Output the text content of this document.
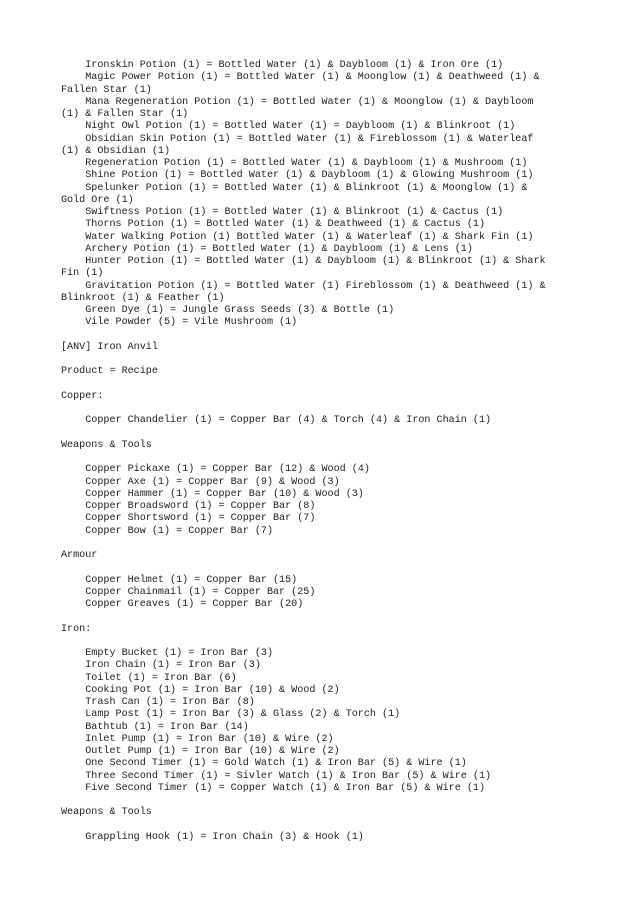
Ironskin Potion (1) = Bottled Water (1) & Daybloom (1) & Iron Ore (1)
Magic Power Potion (1) = Bottled Water (1) & Moonglow (1) & Deathweed (1) &
Fallen Star (1)
Mana Regeneration Potion (1) = Bottled Water (1) & Moonglow (1) & Daybloom
(1) & Fallen Star (1)
Night Owl Potion (1) = Bottled Water (1) = Daybloom (1) & Blinkroot (1)
Obsidian Skin Potion (1) = Bottled Water (1) & Fireblossom (1) & Waterleaf
(1) & Obsidian (1)
Regeneration Potion (1) = Bottled Water (1) & Daybloom (1) & Mushroom (1)
Shine Potion (1) = Bottled Water (1) & Daybloom (1) & Glowing Mushroom (1)
Spelunker Potion (1) = Bottled Water (1) & Blinkroot (1) & Moonglow (1) &
Gold Ore (1)
Swiftness Potion (1) = Bottled Water (1) & Blinkroot (1) & Cactus (1)
Thorns Potion (1) = Bottled Water (1) & Deathweed (1) & Cactus (1)
Water Walking Potion (1) Bottled Water (1) & Waterleaf (1) & Shark Fin (1)
Archery Potion (1) = Bottled Water (1) & Daybloom (1) & Lens (1)
Hunter Potion (1) = Bottled Water (1) & Daybloom (1) & Blinkroot (1) & Shark
Fin (1)
Gravitation Potion (1) = Bottled Water (1) Fireblossom (1) & Deathweed (1) &
Blinkroot (1) & Feather (1)
Green Dye (1) = Jungle Grass Seeds (3) & Bottle (1)
Vile Powder (5) = Vile Mushroom (1)
[ANV] Iron Anvil
Product = Recipe
Copper:
Copper Chandelier (1) = Copper Bar (4) & Torch (4) & Iron Chain (1)
Weapons & Tools
Copper Pickaxe (1) = Copper Bar (12) & Wood (4)
Copper Axe (1) = Copper Bar (9) & Wood (3)
Copper Hammer (1) = Copper Bar (10) & Wood (3)
Copper Broadsword (1) = Copper Bar (8)
Copper Shortsword (1) = Copper Bar (7)
Copper Bow (1) = Copper Bar (7)
Armour
Copper Helmet (1) = Copper Bar (15)
Copper Chainmail (1) = Copper Bar (25)
Copper Greaves (1) = Copper Bar (20)
Iron:
Empty Bucket (1) = Iron Bar (3)
Iron Chain (1) = Iron Bar (3)
Toilet (1) = Iron Bar (6)
Cooking Pot (1) = Iron Bar (10) & Wood (2)
Trash Can (1) = Iron Bar (8)
Lamp Post (1) = Iron Bar (3) & Glass (2) & Torch (1)
Bathtub (1) = Iron Bar (14)
Inlet Pump (1) = Iron Bar (10) & Wire (2)
Outlet Pump (1) = Iron Bar (10) & Wire (2)
One Second Timer (1) = Gold Watch (1) & Iron Bar (5) & Wire (1)
Three Second Timer (1) = Sivler Watch (1) & Iron Bar (5) & Wire (1)
Five Second Timer (1) = Copper Watch (1) & Iron Bar (5) & Wire (1)
Weapons & Tools
Grappling Hook (1) = Iron Chain (3) & Hook (1)
